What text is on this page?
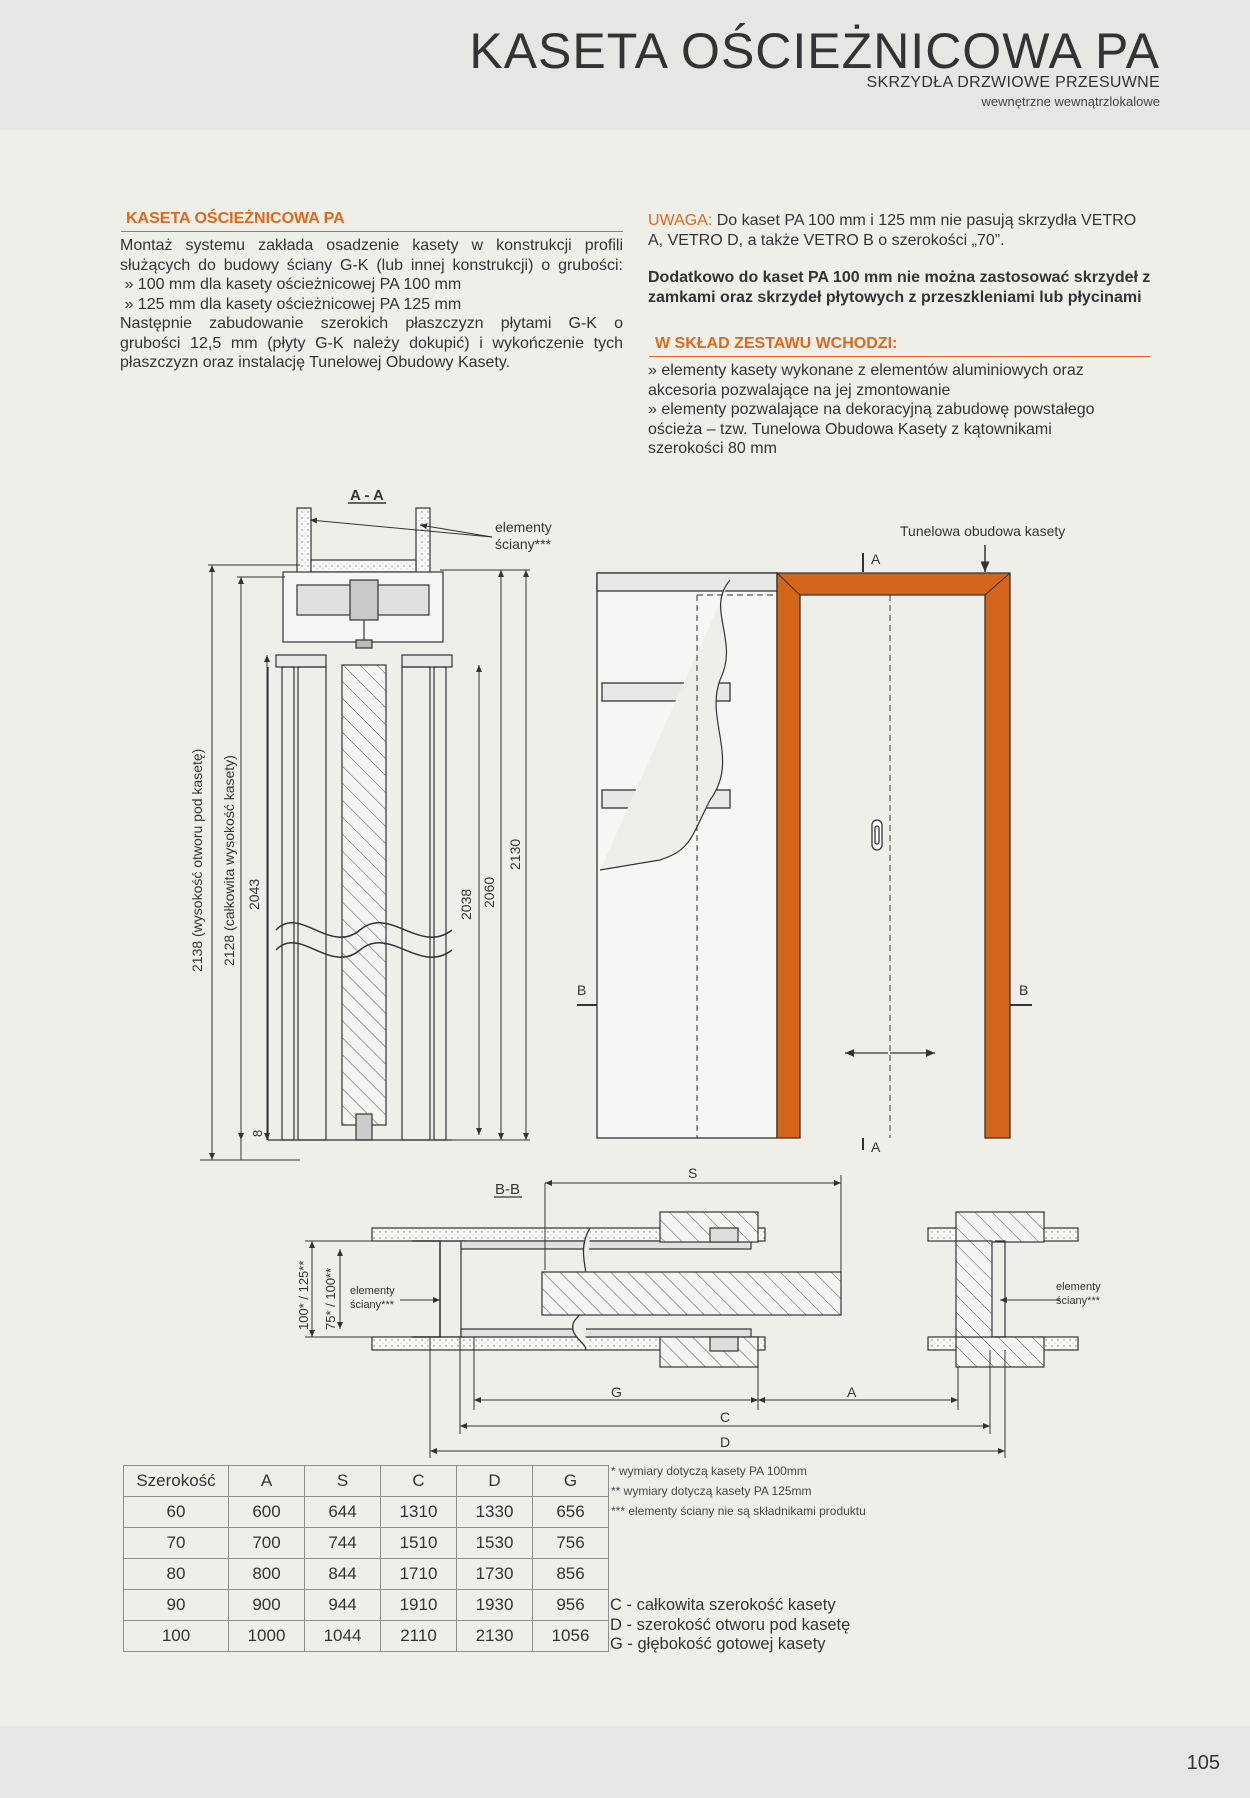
KASETA OŚCIEŻNICOWA PA
SKRZYDŁA DRZWIOWE PRZESUWNE
wewnętrzne wewnątrzlokalowe
KASETA OŚCIEŻNICOWA PA
Montaż systemu zakłada osadzenie kasety w konstrukcji profili
służących do budowy ściany G-K (lub innej konstrukcji) o grubości:
» 100 mm dla kasety ościeżnicowej PA 100 mm
» 125 mm dla kasety ościeżnicowej PA 125 mm
Następnie zabudowanie szerokich płaszczyzn płytami G-K o
grubości 12,5 mm (płyty G-K należy dokupić) i wykończenie tych
płaszczyzn oraz instalację Tunelowej Obudowy Kasety.
UWAGA: Do kaset PA 100 mm i 125 mm nie pasują skrzydła VETRO
A, VETRO D, a także VETRO B o szerokości „70”.
Dodatkowo do kaset PA 100 mm nie można zastosować skrzydeł z
zamkami oraz skrzydeł płytowych z przeszkleniami lub płycinami
W SKŁAD ZESTAWU WCHODZI:
» elementy kasety wykonane z elementów aluminiowych oraz
akcesoria pozwalające na jej zmontowanie
» elementy pozwalające na dekoracyjną zabudowę powstałego
ościeża – tzw. Tunelowa Obudowa Kasety z kątownikami
szerokości 80 mm
A - A
elementy
ściany***
2138 (wysokość otworu pod kasetę) 2128 (całkowita wysokość kasety) 2043	2038 2060
2130
8
Tunelowa obudowa kasety
A
A
B	B
B-B
S
G	A
C
D
100* / 125** 75* / 100** elementy
ściany***
elementy
ściany***
Szerokość	A	S	C	D	G
60	600	644	1310	1330	656
70	700	744	1510	1530	756
80	800	844	1710	1730	856
90	900	944	1910	1930	956
100	1000	1044	2110	2130	1056
* wymiary dotyczą kasety PA 100mm
** wymiary dotyczą kasety PA 125mm
*** elementy ściany nie są składnikami produktu
C - całkowita szerokość kasety
D - szerokość otworu pod kasetę
G - głębokość gotowej kasety
105
